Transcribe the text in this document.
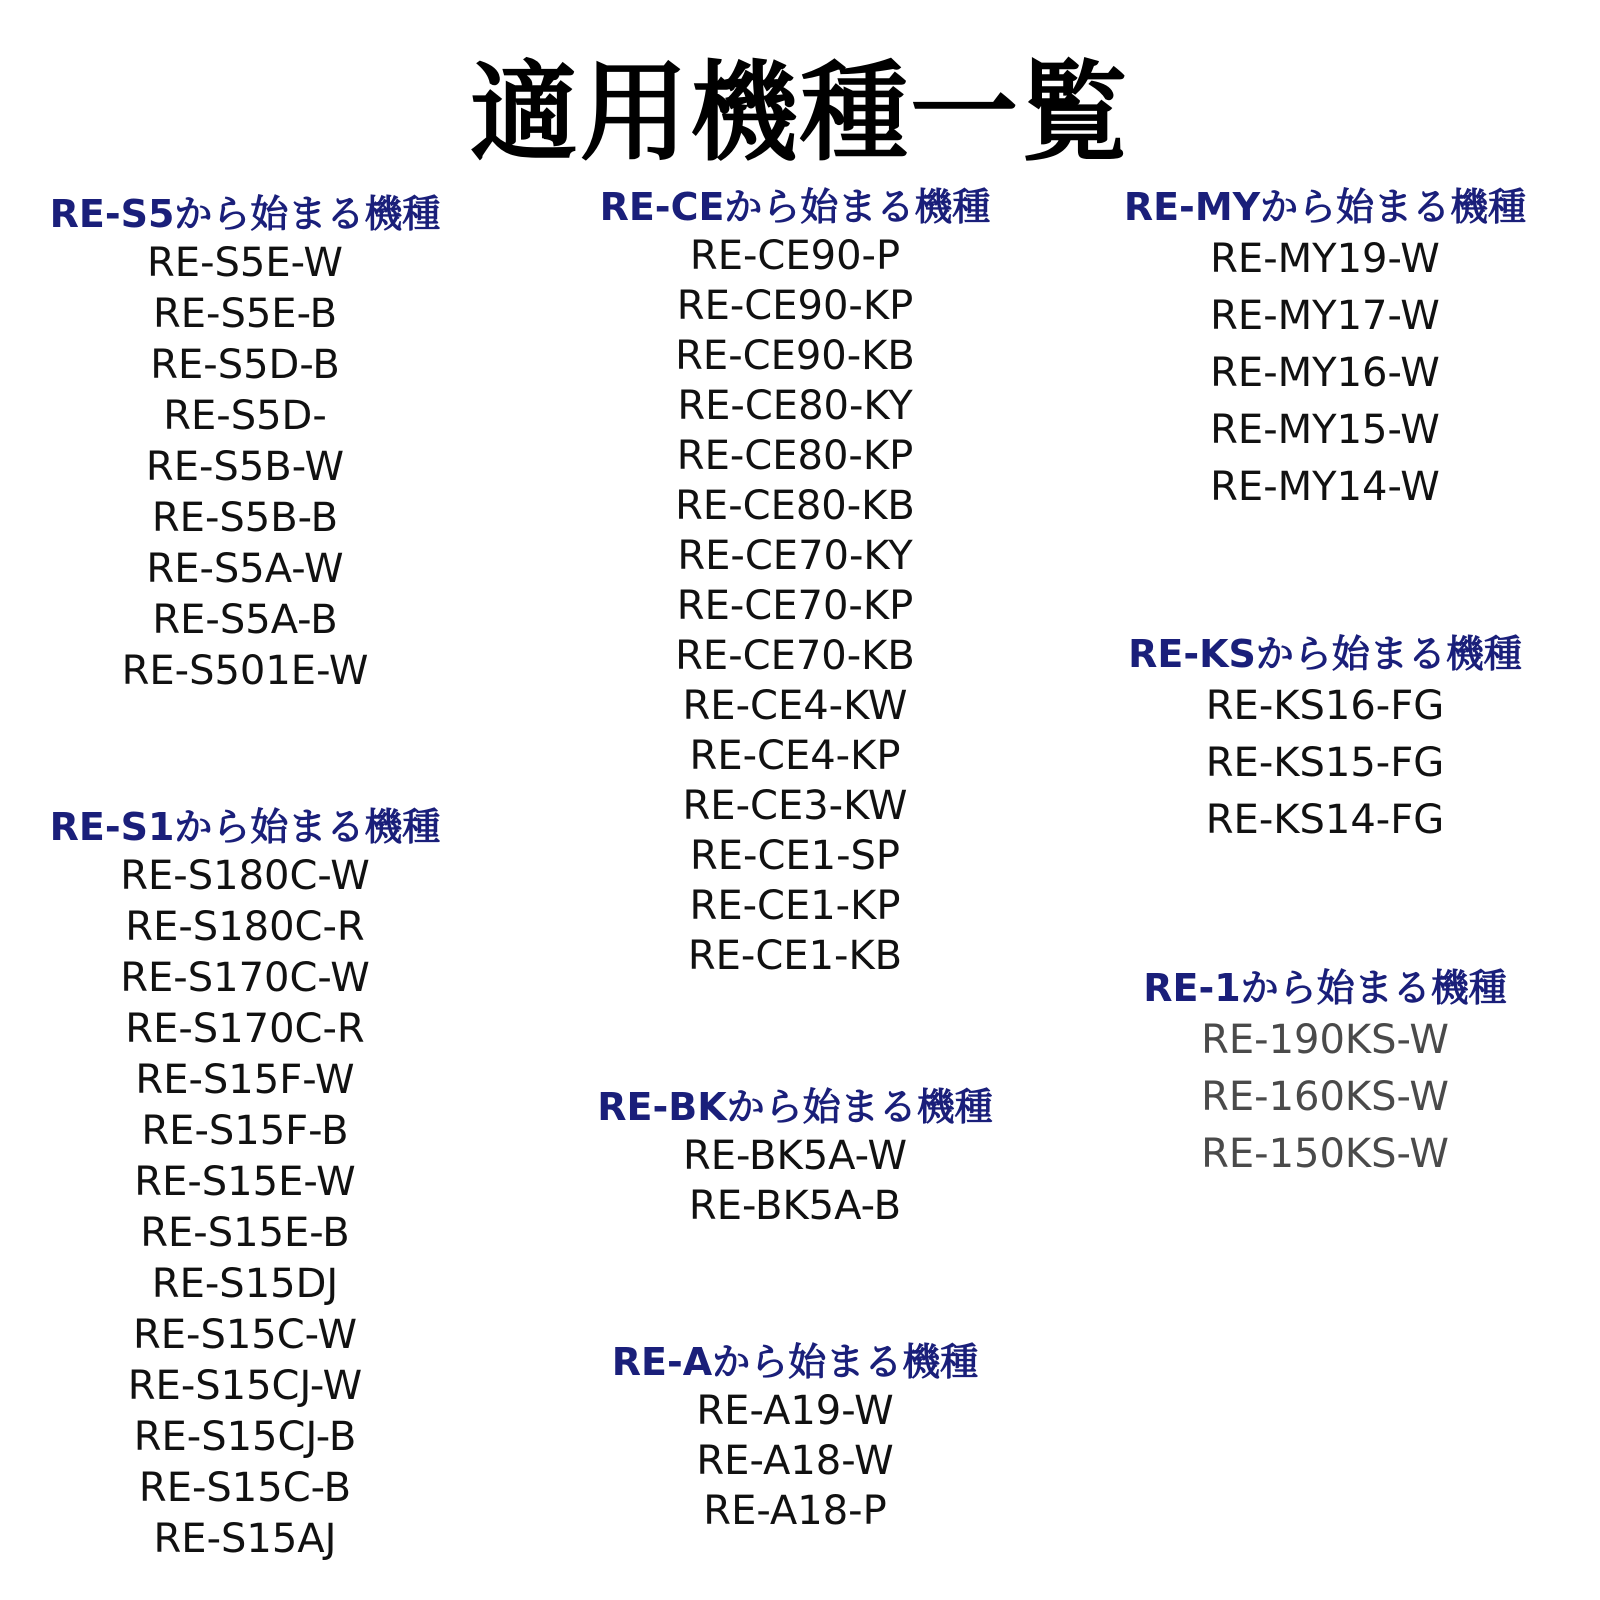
適用機種一覧
RE-S5から始まる機種
RE-S5E-W
RE-S5E-B
RE-S5D-B
RE-S5D-
RE-S5B-W
RE-S5B-B
RE-S5A-W
RE-S5A-B
RE-S501E-W
RE-S1から始まる機種
RE-S180C-W
RE-S180C-R
RE-S170C-W
RE-S170C-R
RE-S15F-W
RE-S15F-B
RE-S15E-W
RE-S15E-B
RE-S15DJ
RE-S15C-W
RE-S15CJ-W
RE-S15CJ-B
RE-S15C-B
RE-S15AJ
RE-CEから始まる機種
RE-CE90-P
RE-CE90-KP
RE-CE90-KB
RE-CE80-KY
RE-CE80-KP
RE-CE80-KB
RE-CE70-KY
RE-CE70-KP
RE-CE70-KB
RE-CE4-KW
RE-CE4-KP
RE-CE3-KW
RE-CE1-SP
RE-CE1-KP
RE-CE1-KB
RE-BKから始まる機種
RE-BK5A-W
RE-BK5A-B
RE-Aから始まる機種
RE-A19-W
RE-A18-W
RE-A18-P
RE-MYから始まる機種
RE-MY19-W
RE-MY17-W
RE-MY16-W
RE-MY15-W
RE-MY14-W
RE-KSから始まる機種
RE-KS16-FG
RE-KS15-FG
RE-KS14-FG
RE-1から始まる機種
RE-190KS-W
RE-160KS-W
RE-150KS-W
